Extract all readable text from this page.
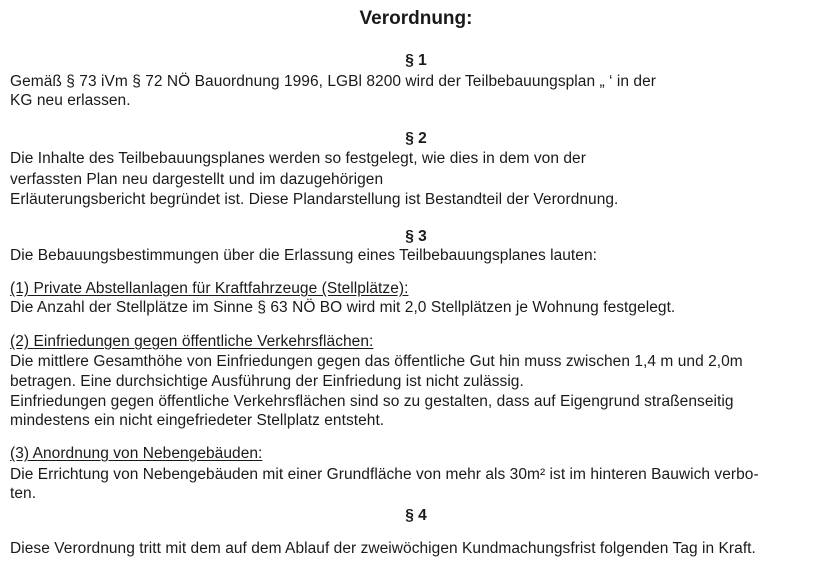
Verordnung:
§ 1
Gemäß § 73 iVm § 72 NÖ Bauordnung 1996, LGBl 8200 wird der Teilbebauungsplan „ ‘ in der
KG neu erlassen.
§ 2
Die Inhalte des Teilbebauungsplanes werden so festgelegt, wie dies in dem von der
verfassten Plan neu dargestellt und im dazugehörigen
Erläuterungsbericht begründet ist. Diese Plandarstellung ist Bestandteil der Verordnung.
§ 3
Die Bebauungsbestimmungen über die Erlassung eines Teilbebauungsplanes lauten:
(1) Private Abstellanlagen für Kraftfahrzeuge (Stellplätze):
Die Anzahl der Stellplätze im Sinne § 63 NÖ BO wird mit 2,0 Stellplätzen je Wohnung festgelegt.
(2) Einfriedungen gegen öffentliche Verkehrsflächen:
Die mittlere Gesamthöhe von Einfriedungen gegen das öffentliche Gut hin muss zwischen 1,4 m und 2,0m
betragen. Eine durchsichtige Ausführung der Einfriedung ist nicht zulässig.
Einfriedungen gegen öffentliche Verkehrsflächen sind so zu gestalten, dass auf Eigengrund straßenseitig
mindestens ein nicht eingefriedeter Stellplatz entsteht.
(3) Anordnung von Nebengebäuden:
Die Errichtung von Nebengebäuden mit einer Grundfläche von mehr als 30m² ist im hinteren Bauwich verbo-
ten.
§ 4
Diese Verordnung tritt mit dem auf dem Ablauf der zweiwöchigen Kundmachungsfrist folgenden Tag in Kraft.
